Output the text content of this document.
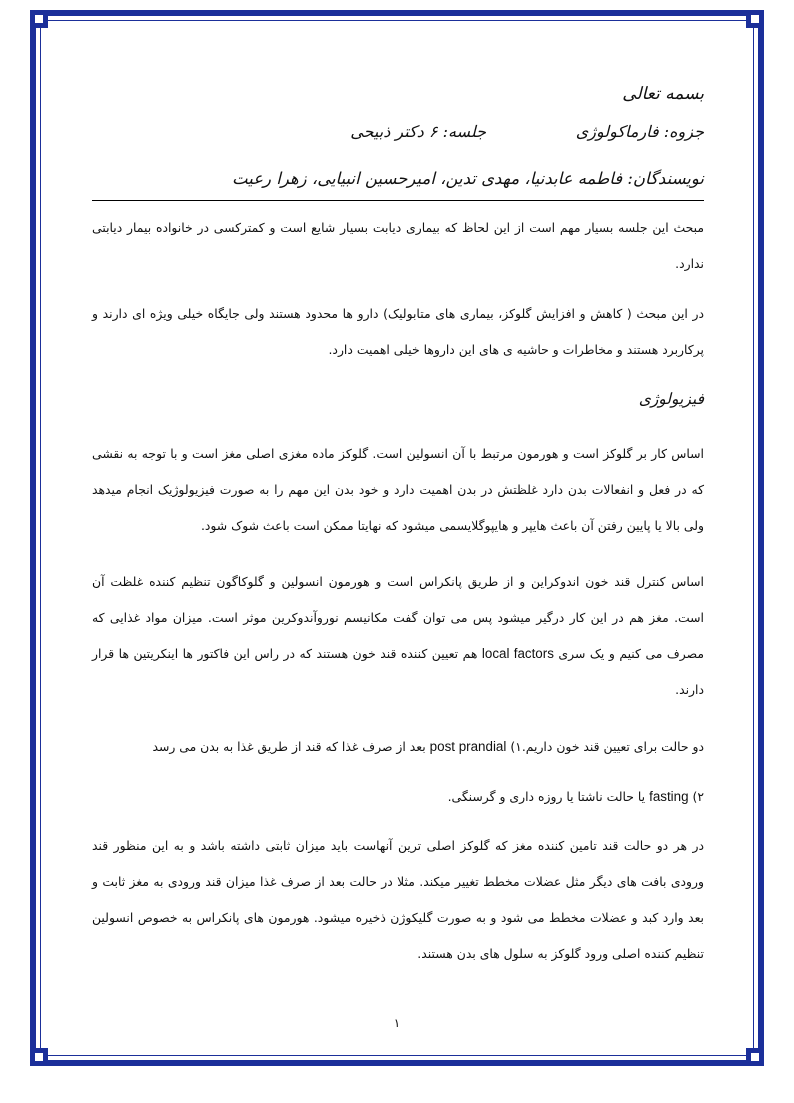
بسمه تعالی
جزوه: فارماکولوژی
جلسه: ۶ دکتر ذبیحی
نویسندگان: فاطمه عابدنیا، مهدی تدین، امیرحسین انبیایی، زهرا رعیت

مبحث این جلسه بسیار مهم است از این لحاظ که بیماری دیابت بسیار شایع است و کمترکسی در خانواده بیمار دیابتی ندارد.

در این مبحث ( کاهش و افزایش گلوکز، بیماری های متابولیک) دارو ها محدود هستند ولی جایگاه خیلی ویژه ای دارند و پرکاربرد هستند و مخاطرات و حاشیه ی های این داروها خیلی اهمیت دارد.

فیزیولوژی

اساس کار بر گلوکز است و هورمون مرتبط با آن انسولین است. گلوکز ماده مغزی اصلی مغز است و با توجه به نقشی که در فعل و انفعالات بدن دارد غلظتش در بدن اهمیت دارد و خود بدن این مهم را به صورت فیزیولوژیک انجام میدهد ولی بالا یا پایین رفتن آن باعث هایپر و هایپوگلایسمی میشود که نهایتا ممکن است باعث شوک شود.

اساس کنترل قند خون اندوکراین و از طریق پانکراس است و هورمون انسولین و گلوکاگون تنظیم کننده غلظت آن است. مغز هم در این کار درگیر میشود پس می توان گفت مکانیسم نوروآندوکرین موثر است. میزان مواد غذایی که مصرف می کنیم و یک سری local factors هم تعیین کننده قند خون هستند که در راس این فاکتور ها اینکریتین ها قرار دارند.

دو حالت برای تعیین قند خون داریم.۱) post prandial بعد از صرف غذا که قند از طریق غذا به بدن می رسد

۲) fasting یا حالت ناشتا یا روزه داری و گرسنگی.

در هر دو حالت قند تامین کننده مغز که گلوکز اصلی ترین آنهاست باید میزان ثابتی داشته باشد و به این منظور قند ورودی بافت های دیگر مثل عضلات مخطط تغییر میکند. مثلا در حالت بعد از صرف غذا میزان قند ورودی به مغز ثابت و بعد وارد کبد و عضلات مخطط می شود و به صورت گلیکوژن ذخیره میشود. هورمون های پانکراس به خصوص انسولین تنظیم کننده اصلی ورود گلوکز به سلول های بدن هستند.

۱
